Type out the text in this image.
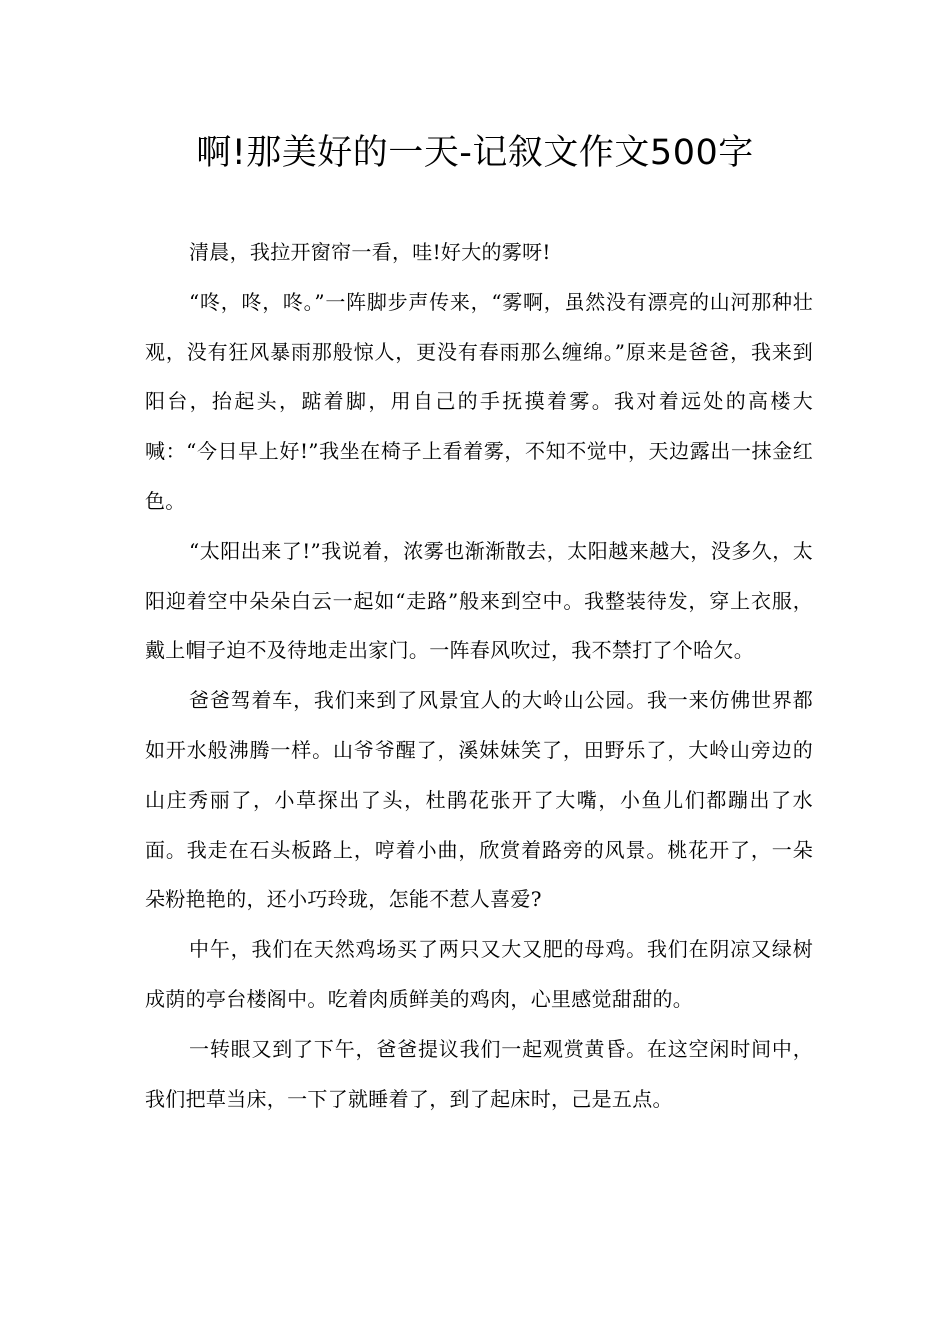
啊!那美好的一天-记叙文作文500字

清晨，我拉开窗帘一看，哇!好大的雾呀!

“咚，咚，咚。”一阵脚步声传来，“雾啊，虽然没有漂亮的山河那种壮观，没有狂风暴雨那般惊人，更没有春雨那么缠绵。”原来是爸爸，我来到阳台，抬起头，踮着脚，用自己的手抚摸着雾。我对着远处的高楼大喊：“今日早上好!”我坐在椅子上看着雾，不知不觉中，天边露出一抹金红色。

“太阳出来了!”我说着，浓雾也渐渐散去，太阳越来越大，没多久，太阳迎着空中朵朵白云一起如“走路”般来到空中。我整装待发，穿上衣服，戴上帽子迫不及待地走出家门。一阵春风吹过，我不禁打了个哈欠。

爸爸驾着车，我们来到了风景宜人的大岭山公园。我一来仿佛世界都如开水般沸腾一样。山爷爷醒了，溪妹妹笑了，田野乐了，大岭山旁边的山庄秀丽了，小草探出了头，杜鹃花张开了大嘴，小鱼儿们都蹦出了水面。我走在石头板路上，哼着小曲，欣赏着路旁的风景。桃花开了，一朵朵粉艳艳的，还小巧玲珑，怎能不惹人喜爱?

中午，我们在天然鸡场买了两只又大又肥的母鸡。我们在阴凉又绿树成荫的亭台楼阁中。吃着肉质鲜美的鸡肉，心里感觉甜甜的。

一转眼又到了下午，爸爸提议我们一起观赏黄昏。在这空闲时间中，我们把草当床，一下了就睡着了，到了起床时，己是五点。
